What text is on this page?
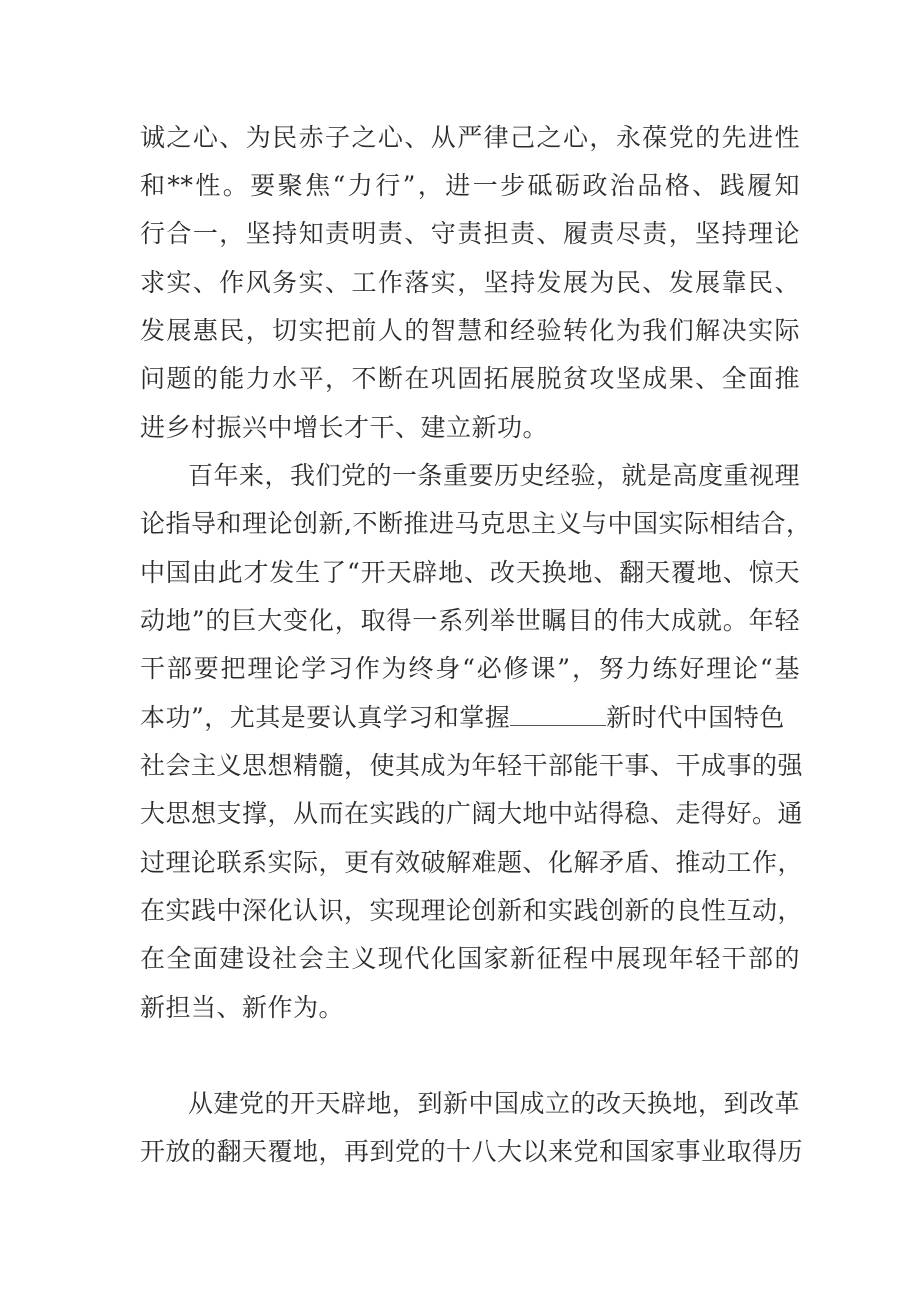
诚之心、为民赤子之心、从严律己之心，永葆党的先进性
和**性。要聚焦“力行”，进一步砥砺政治品格、践履知
行合一，坚持知责明责、守责担责、履责尽责，坚持理论
求实、作风务实、工作落实，坚持发展为民、发展靠民、
发展惠民，切实把前人的智慧和经验转化为我们解决实际
问题的能力水平，不断在巩固拓展脱贫攻坚成果、全面推
进乡村振兴中增长才干、建立新功。
百年来，我们党的一条重要历史经验，就是高度重视理
论指导和理论创新,不断推进马克思主义与中国实际相结合，
中国由此才发生了“开天辟地、改天换地、翻天覆地、惊天
动地”的巨大变化，取得一系列举世瞩目的伟大成就。年轻
干部要把理论学习作为终身“必修课”，努力练好理论“基
本功”，尤其是要认真学习和掌握	新时代中国特色
社会主义思想精髓，使其成为年轻干部能干事、干成事的强
大思想支撑，从而在实践的广阔大地中站得稳、走得好。通
过理论联系实际，更有效破解难题、化解矛盾、推动工作，
在实践中深化认识，实现理论创新和实践创新的良性互动，
在全面建设社会主义现代化国家新征程中展现年轻干部的
新担当、新作为。
从建党的开天辟地，到新中国成立的改天换地，到改革
开放的翻天覆地，再到党的十八大以来党和国家事业取得历
